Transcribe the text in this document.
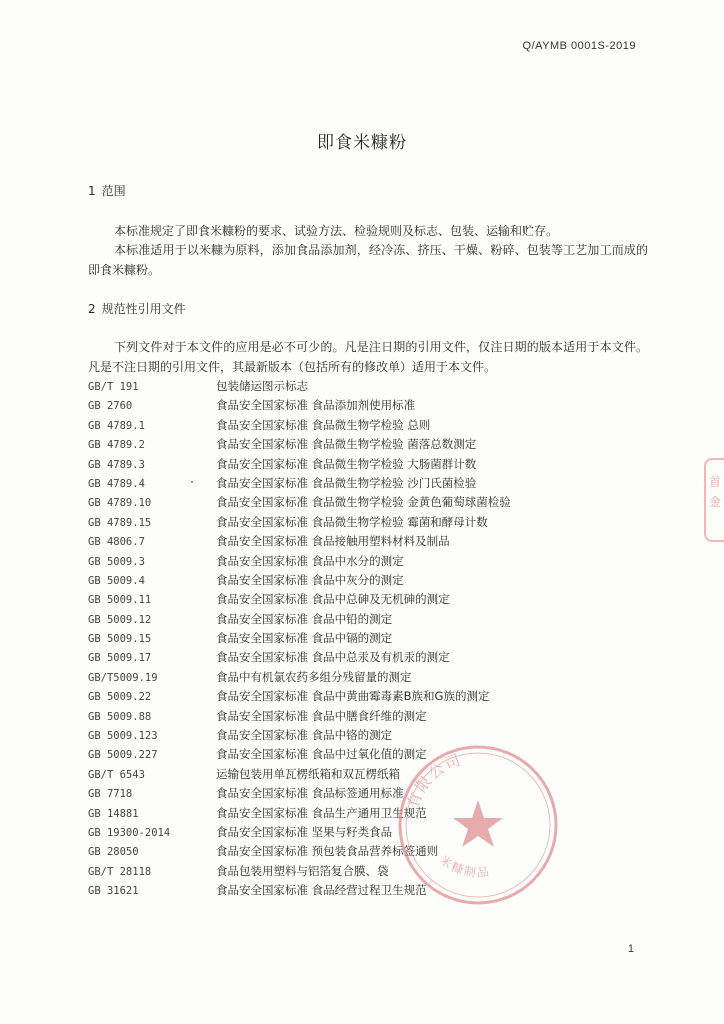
Q/AYMB 0001S-2019
即食米糠粉
1 范围
本标准规定了即食米糠粉的要求、试验方法、检验规则及标志、包装、运输和贮存。
本标准适用于以米糠为原料，添加食品添加剂，经冷冻、挤压、干燥、粉碎、包装等工艺加工而成的即食米糠粉。
2 规范性引用文件
下列文件对于本文件的应用是必不可少的。凡是注日期的引用文件，仅注日期的版本适用于本文件。凡是不注日期的引用文件，其最新版本（包括所有的修改单）适用于本文件。
GB/T 191	包装储运图示标志
GB 2760	食品安全国家标准 食品添加剂使用标准
GB 4789.1	食品安全国家标准 食品微生物学检验 总则
GB 4789.2	食品安全国家标准 食品微生物学检验 菌落总数测定
GB 4789.3	食品安全国家标准 食品微生物学检验 大肠菌群计数
GB 4789.4	食品安全国家标准 食品微生物学检验 沙门氏菌检验
GB 4789.10	食品安全国家标准 食品微生物学检验 金黄色葡萄球菌检验
GB 4789.15	食品安全国家标准 食品微生物学检验 霉菌和酵母计数
GB 4806.7	食品安全国家标准 食品接触用塑料材料及制品
GB 5009.3	食品安全国家标准 食品中水分的测定
GB 5009.4	食品安全国家标准 食品中灰分的测定
GB 5009.11	食品安全国家标准 食品中总砷及无机砷的测定
GB 5009.12	食品安全国家标准 食品中铅的测定
GB 5009.15	食品安全国家标准 食品中镉的测定
GB 5009.17	食品安全国家标准 食品中总汞及有机汞的测定
GB/T5009.19	食品中有机氯农药多组分残留量的测定
GB 5009.22	食品安全国家标准 食品中黄曲霉毒素B族和G族的测定
GB 5009.88	食品安全国家标准 食品中膳食纤维的测定
GB 5009.123	食品安全国家标准 食品中铬的测定
GB 5009.227	食品安全国家标准 食品中过氧化值的测定
GB/T 6543	运输包装用单瓦楞纸箱和双瓦楞纸箱
GB 7718	食品安全国家标准 食品标签通用标准
GB 14881	食品安全国家标准 食品生产通用卫生规范
GB 19300-2014	食品安全国家标准 坚果与籽类食品
GB 28050	食品安全国家标准 预包装食品营养标签通则
GB/T 28118	食品包装用塑料与铝箔复合膜、袋
GB 31621	食品安全国家标准 食品经营过程卫生规范
有限公司
米糠制品
首
金
1
